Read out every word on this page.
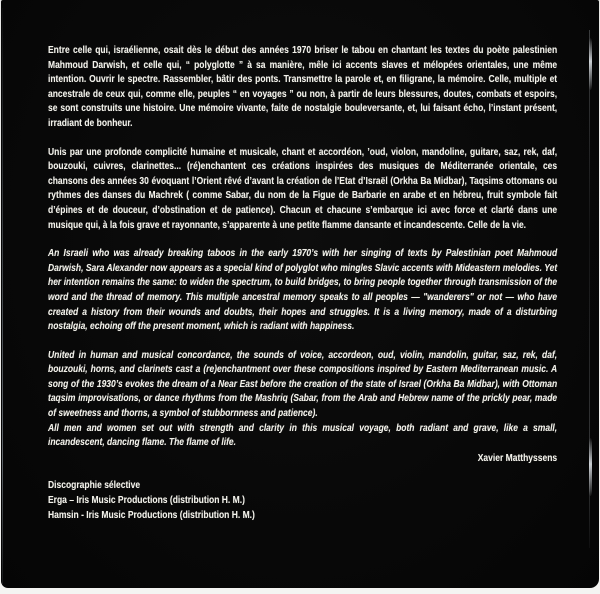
Entre celle qui, israélienne, osait dès le début des années 1970 briser le tabou en chantant les textes du poète palestinien Mahmoud Darwish, et celle qui, “ polyglotte ” à sa manière, mêle ici accents slaves et mélopées orientales, une même intention. Ouvrir le spectre. Rassembler, bâtir des ponts. Transmettre la parole et, en filigrane, la mémoire. Celle, multiple et ancestrale de ceux qui, comme elle, peuples “ en voyages ” ou non, à partir de leurs blessures, doutes, combats et espoirs, se sont construits une histoire. Une mémoire vivante, faite de nostalgie bouleversante, et, lui faisant écho, l’instant présent, irradiant de bonheur.

Unis par une profonde complicité humaine et musicale, chant et accordéon, ’oud, violon, mandoline, guitare, saz, rek, daf, bouzouki, cuivres, clarinettes... (ré)enchantent ces créations inspirées des musiques de Méditerranée orientale, ces chansons des années 30 évoquant l’Orient rêvé d’avant la création de l’Etat d’Israël (Orkha Ba Midbar), Taqsims ottomans ou rythmes des danses du Machrek ( comme Sabar, du nom de la Figue de Barbarie en arabe et en hébreu, fruit symbole fait d’épines et de douceur, d’obstination et de patience). Chacun et chacune s’embarque ici avec force et clarté dans une musique qui, à la fois grave et rayonnante, s’apparente à une petite flamme dansante et incandescente. Celle de la vie.

An Israeli who was already breaking taboos in the early 1970’s with her singing of texts by Palestinian poet Mahmoud Darwish, Sara Alexander now appears as a special kind of polyglot who mingles Slavic accents with Mideastern melodies. Yet her intention remains the same: to widen the spectrum, to build bridges, to bring people together through transmission of the word and the thread of memory. This multiple ancestral memory speaks to all peoples — "wanderers" or not — who have created a history from their wounds and doubts, their hopes and struggles. It is a living memory, made of a disturbing nostalgia, echoing off the present moment, which is radiant with happiness.

United in human and musical concordance, the sounds of voice, accordeon, oud, violin, mandolin, guitar, saz, rek, daf, bouzouki, horns, and clarinets cast a (re)enchantment over these compositions inspired by Eastern Mediterranean music. A song of the 1930’s evokes the dream of a Near East before the creation of the state of Israel (Orkha Ba Midbar), with Ottoman taqsim improvisations, or dance rhythms from the Mashriq (Sabar, from the Arab and Hebrew name of the prickly pear, made of sweetness and thorns, a symbol of stubbornness and patience).

All men and women set out with strength and clarity in this musical voyage, both radiant and grave, like a small, incandescent, dancing flame. The flame of life.

Xavier Matthyssens
Discographie sélective
Erga – Iris Music Productions (distribution H. M.)
Hamsin - Iris Music Productions (distribution H. M.)
